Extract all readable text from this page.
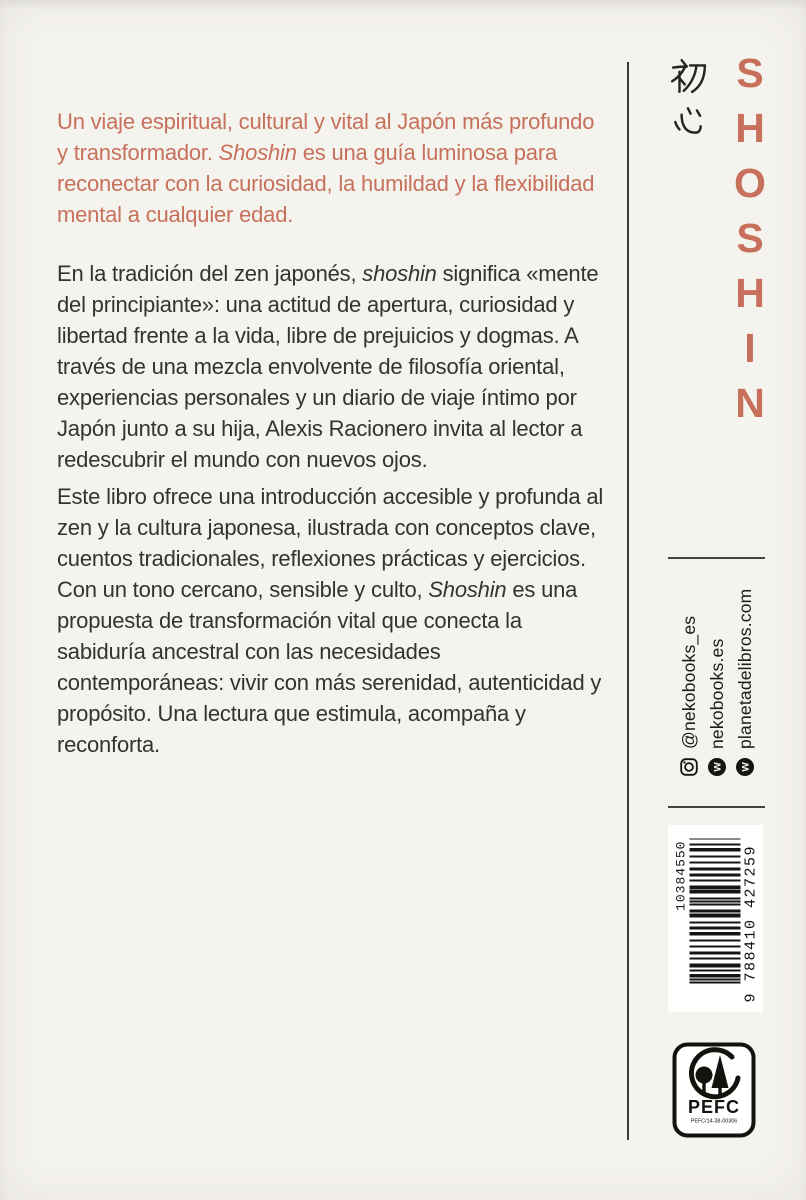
Un viaje espiritual, cultural y vital al Japón más profundo y transformador. Shoshin es una guía luminosa para reconectar con la curiosidad, la humildad y la flexibilidad mental a cualquier edad.

En la tradición del zen japonés, shoshin significa «mente del principiante»: una actitud de apertura, curiosidad y libertad frente a la vida, libre de prejuicios y dogmas. A través de una mezcla envolvente de filosofía oriental, experiencias personales y un diario de viaje íntimo por Japón junto a su hija, Alexis Racionero invita al lector a redescubrir el mundo con nuevos ojos.

Este libro ofrece una introducción accesible y profunda al zen y la cultura japonesa, ilustrada con conceptos clave, cuentos tradicionales, reflexiones prácticas y ejercicios. Con un tono cercano, sensible y culto, Shoshin es una propuesta de transformación vital que conecta la sabiduría ancestral con las necesidades contemporáneas: vivir con más serenidad, autenticidad y propósito. Una lectura que estimula, acompaña y reconforta.

S
H
O
S
H
I
N
@nekobooks_es
w
nekobooks.es
w
planetadelibros.com
10384550	9 788410 427259
PEFC
PEFC/14-38-00306
